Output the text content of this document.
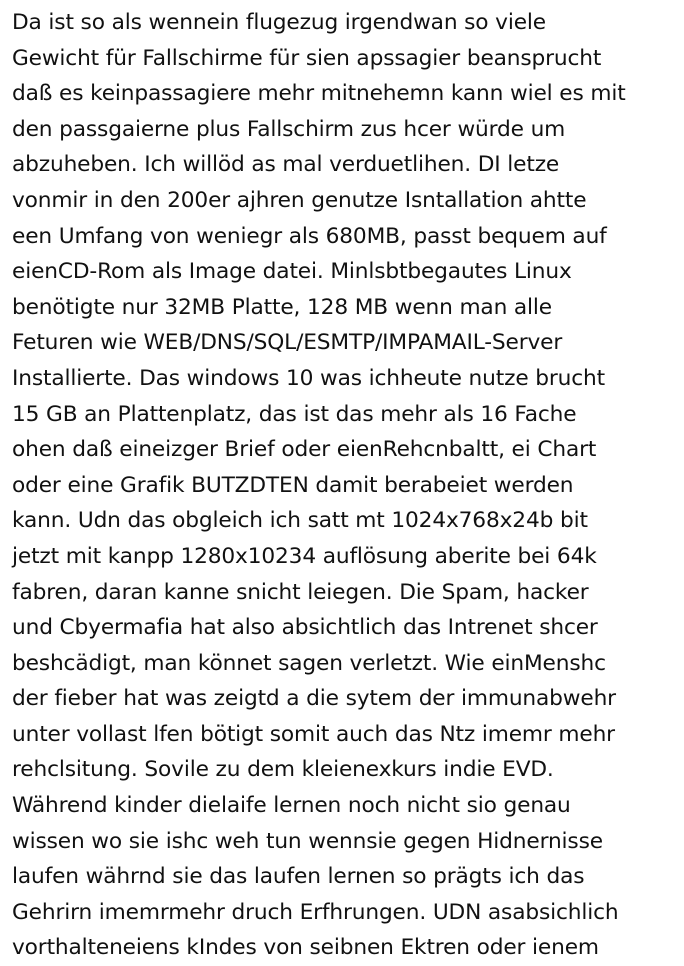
Da ist so als wennein flugezug irgendwan so viele
Gewicht für Fallschirme für sien apssagier beansprucht
daß es keinpassagiere mehr mitnehemn kann wiel es mit
den passgaierne plus Fallschirm zus hcer würde um
abzuheben. Ich willöd as mal verduetlihen. DI letze
vonmir in den 200er ajhren genutze Isntallation ahtte
een Umfang von weniegr als 680MB, passt bequem auf
eienCD-Rom als Image datei. Minlsbtbegautes Linux
benötigte nur 32MB Platte, 128 MB wenn man alle
Feturen wie WEB/DNS/SQL/ESMTP/IMPAMAIL-Server
Installierte. Das windows 10 was ichheute nutze brucht
15 GB an Plattenplatz, das ist das mehr als 16 Fache
ohen daß eineizger Brief oder eienRehcnbaltt, ei Chart
oder eine Grafik BUTZDTEN damit berabeiet werden
kann. Udn das obgleich ich satt mt 1024x768x24b bit
jetzt mit kanpp 1280x10234 auflösung aberite bei 64k
fabren, daran kanne snicht leiegen. Die Spam, hacker
und Cbyermafia hat also absichtlich das Intrenet shcer
beshcädigt, man könnet sagen verletzt. Wie einMenshc
der fieber hat was zeigtd a die sytem der immunabwehr
unter vollast lfen bötigt somit auch das Ntz imemr mehr
rehclsitung. Sovile zu dem kleienexkurs indie EVD.
Während kinder dielaife lernen noch nicht sio genau
wissen wo sie ishc weh tun wennsie gegen Hidnernisse
laufen währnd sie das laufen lernen so prägts ich das
Gehrirn imemrmehr druch Erfhrungen. UDN asabsichlich
vorthalteneiens kIndes von seibnen Ektren oder ienem
